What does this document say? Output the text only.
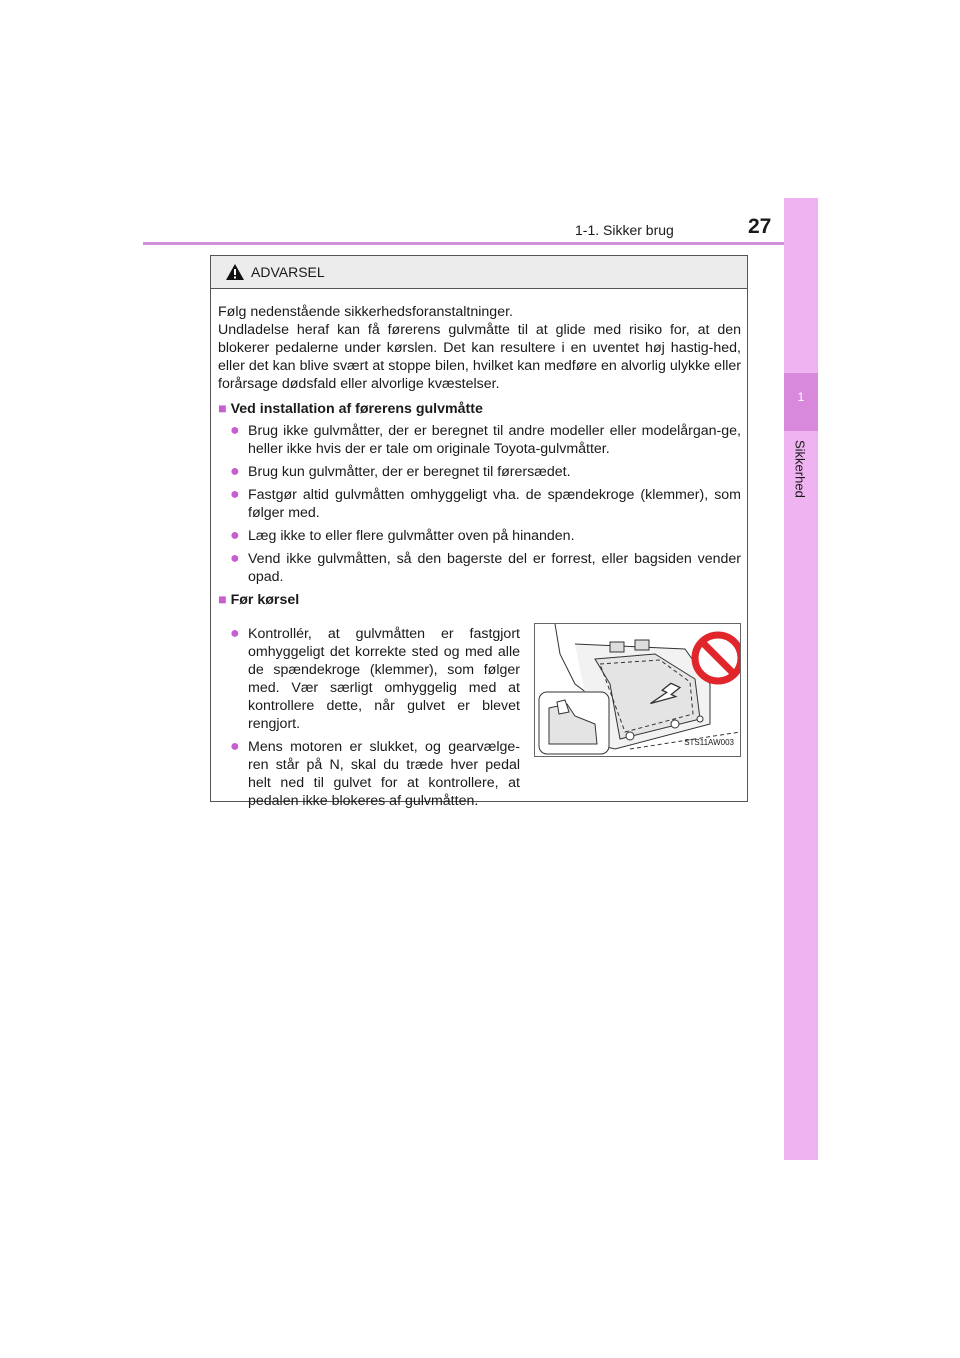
1-1. Sikker brug	27
1
Sikkerhed
ADVARSEL

Følg nedenstående sikkerhedsforanstaltninger.

Undladelse heraf kan få førerens gulvmåtte til at glide med risiko for, at den blokerer pedalerne under kørslen. Det kan resultere i en uventet høj hastig-hed, eller det kan blive svært at stoppe bilen, hvilket kan medføre en alvorlig ulykke eller forårsage dødsfald eller alvorlige kvæstelser.

■ Ved installation af førerens gulvmåtte
● Brug ikke gulvmåtter, der er beregnet til andre modeller eller modelårgan-ge, heller ikke hvis der er tale om originale Toyota-gulvmåtter.
● Brug kun gulvmåtter, der er beregnet til førersædet.
● Fastgør altid gulvmåtten omhyggeligt vha. de spændekroge (klemmer), som følger med.
● Læg ikke to eller flere gulvmåtter oven på hinanden.
● Vend ikke gulvmåtten, så den bagerste del er forrest, eller bagsiden vender opad.
■ Før kørsel
● Kontrollér, at gulvmåtten er fastgjort omhyggeligt det korrekte sted og med alle de spændekroge (klemmer), som følger med. Vær særligt omhyggelig med at kontrollere dette, når gulvet er blevet rengjort.
● Mens motoren er slukket, og gearvælge-ren står på N, skal du træde hver pedal helt ned til gulvet for at kontrollere, at pedalen ikke blokeres af gulvmåtten.
STS11AW003
